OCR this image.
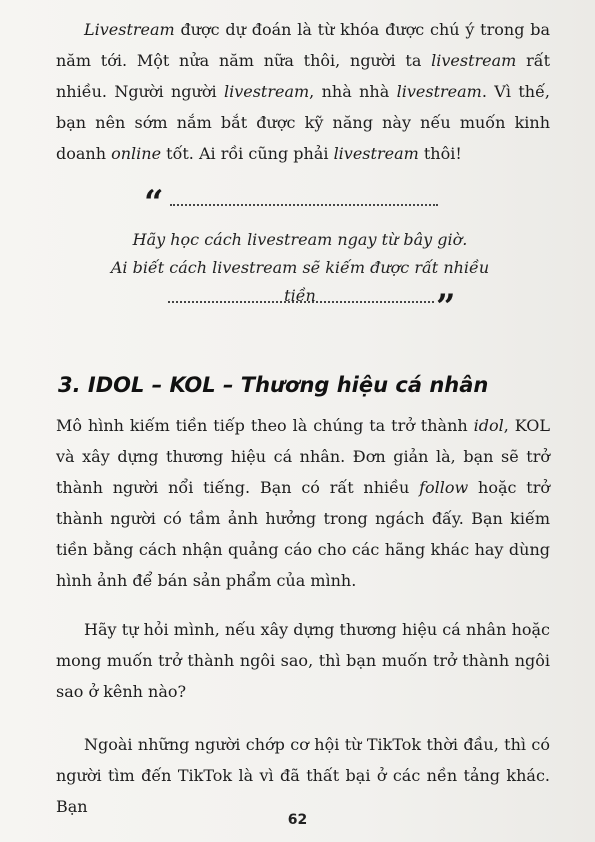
Livestream được dự đoán là từ khóa được chú ý trong ba năm tới. Một nửa năm nữa thôi, người ta livestream rất nhiều. Người người livestream, nhà nhà livestream. Vì thế, bạn nên sớm nắm bắt được kỹ năng này nếu muốn kinh doanh online tốt. Ai rồi cũng phải livestream thôi!

“

Hãy học cách livestream ngay từ bây giờ.

Ai biết cách livestream sẽ kiếm được rất nhiều tiền	”
3. IDOL – KOL – Thương hiệu cá nhân

Mô hình kiếm tiền tiếp theo là chúng ta trở thành idol, KOL và xây dựng thương hiệu cá nhân. Đơn giản là, bạn sẽ trở thành người nổi tiếng. Bạn có rất nhiều follow hoặc trở thành người có tầm ảnh hưởng trong ngách đấy. Bạn kiếm tiền bằng cách nhận quảng cáo cho các hãng khác hay dùng hình ảnh để bán sản phẩm của mình.

Hãy tự hỏi mình, nếu xây dựng thương hiệu cá nhân hoặc mong muốn trở thành ngôi sao, thì bạn muốn trở thành ngôi sao ở kênh nào?

Ngoài những người chớp cơ hội từ TikTok thời đầu, thì có người tìm đến TikTok là vì đã thất bại ở các nền tảng khác. Bạn

62
